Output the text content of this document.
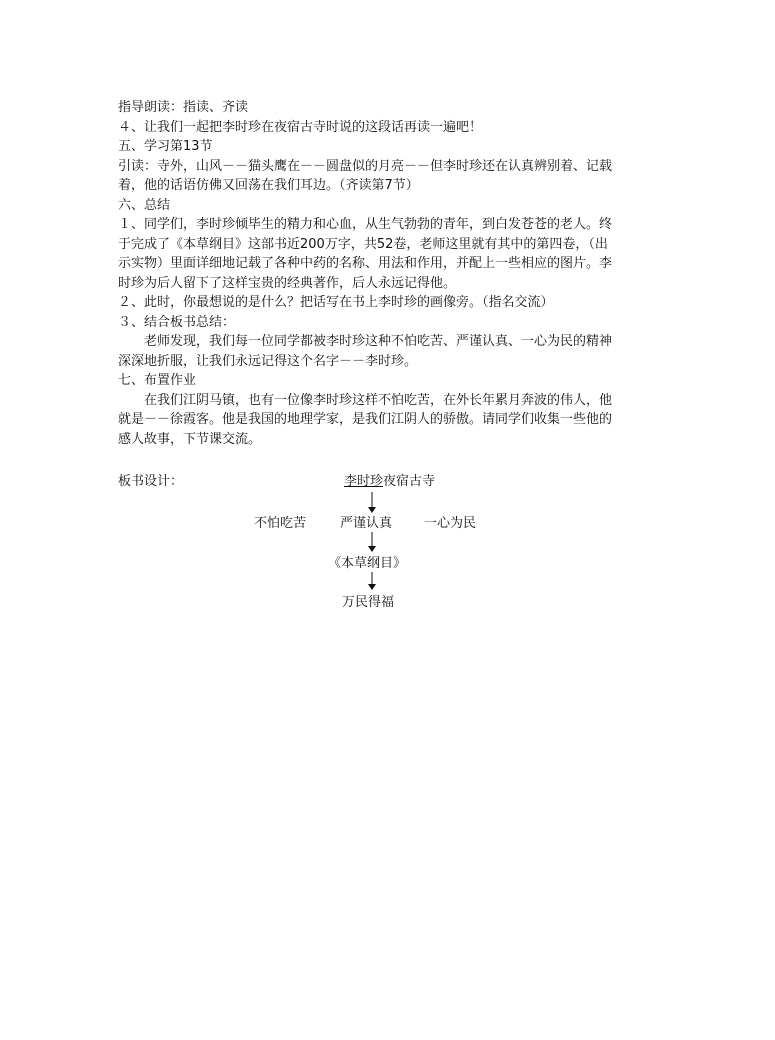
指导朗读：指读、齐读
４、让我们一起把李时珍在夜宿古寺时说的这段话再读一遍吧！
五、学习第13节
引读：寺外，山风－－猫头鹰在－－圆盘似的月亮－－但李时珍还在认真辨别着、记载
着，他的话语仿佛又回荡在我们耳边。（齐读第7节）
六、总结
１、同学们，李时珍倾毕生的精力和心血，从生气勃勃的青年，到白发苍苍的老人。终
于完成了《本草纲目》这部书近200万字，共52卷，老师这里就有其中的第四卷，（出
示实物）里面详细地记载了各种中药的名称、用法和作用，并配上一些相应的图片。李
时珍为后人留下了这样宝贵的经典著作，后人永远记得他。
２、此时，你最想说的是什么？把话写在书上李时珍的画像旁。（指名交流）
３、结合板书总结：
　　老师发现，我们每一位同学都被李时珍这种不怕吃苦、严谨认真、一心为民的精神
深深地折服，让我们永远记得这个名字－－李时珍。
七、布置作业
　　在我们江阴马镇，也有一位像李时珍这样不怕吃苦，在外长年累月奔波的伟人，他
就是－－徐霞客。他是我国的地理学家，是我们江阴人的骄傲。请同学们收集一些他的
感人故事，下节课交流。
板书设计：	李时珍夜宿古寺
不怕吃苦	严谨认真 一心为民
《本草纲目》
万民得福
